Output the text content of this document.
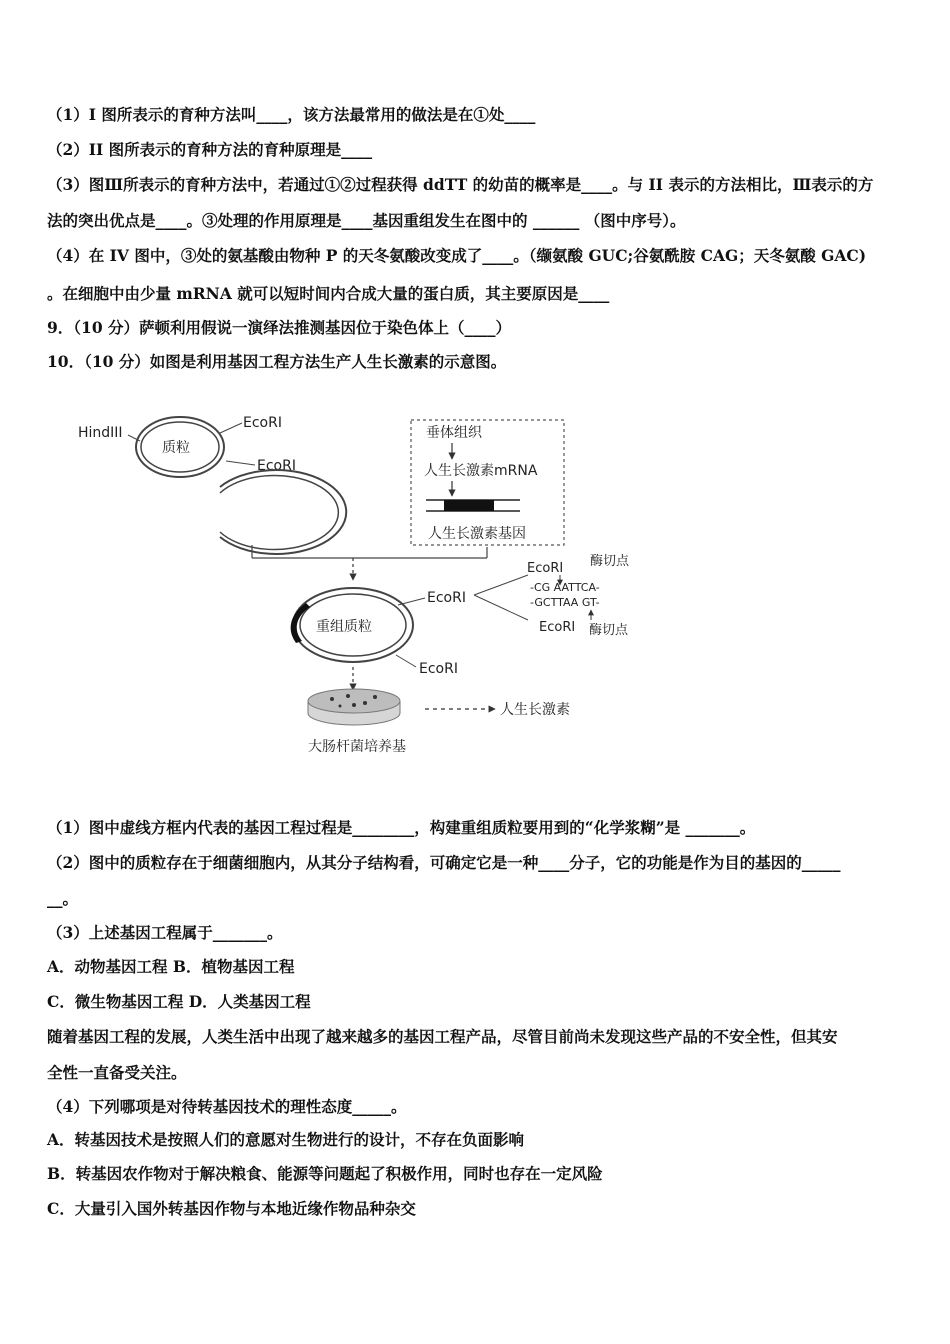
（1）I 图所表示的育种方法叫____，该方法最常用的做法是在①处____
（2）II 图所表示的育种方法的育种原理是____
（3）图Ⅲ所表示的育种方法中，若通过①②过程获得 ddTT 的幼苗的概率是____。与 II 表示的方法相比，Ⅲ表示的方
法的突出优点是____。③处理的作用原理是____基因重组发生在图中的 ______ （图中序号）。
（4）在 IV 图中，③处的氨基酸由物种 P 的天冬氨酸改变成了____。（缬氨酸 GUC;谷氨酰胺 CAG；天冬氨酸 GAC)
。在细胞中由少量 mRNA 就可以短时间内合成大量的蛋白质，其主要原因是____
9．（10 分）萨顿利用假说一演绎法推测基因位于染色体上（____）
10．（10 分）如图是利用基因工程方法生产人生长激素的示意图。
质粒
HindIII
EcoRI
EcoRI
垂体组织
人生长激素mRNA
人生长激素基因
重组质粒
EcoRI
EcoRI
EcoRI 酶切点
-CG AATTCA-
-GCTTAA GT-
EcoRI 酶切点
人生长激素
大肠杆菌培养基
（1）图中虚线方框内代表的基因工程过程是________，构建重组质粒要用到的“化学浆糊”是 _______。
（2）图中的质粒存在于细菌细胞内，从其分子结构看，可确定它是一种____分子，它的功能是作为目的基因的_____
__。
（3）上述基因工程属于_______。
A．动物基因工程 B．植物基因工程
C．微生物基因工程 D．人类基因工程
随着基因工程的发展，人类生活中出现了越来越多的基因工程产品，尽管目前尚未发现这些产品的不安全性，但其安
全性一直备受关注。
（4）下列哪项是对待转基因技术的理性态度_____。
A．转基因技术是按照人们的意愿对生物进行的设计，不存在负面影响
B．转基因农作物对于解决粮食、能源等问题起了积极作用，同时也存在一定风险
C．大量引入国外转基因作物与本地近缘作物品种杂交
